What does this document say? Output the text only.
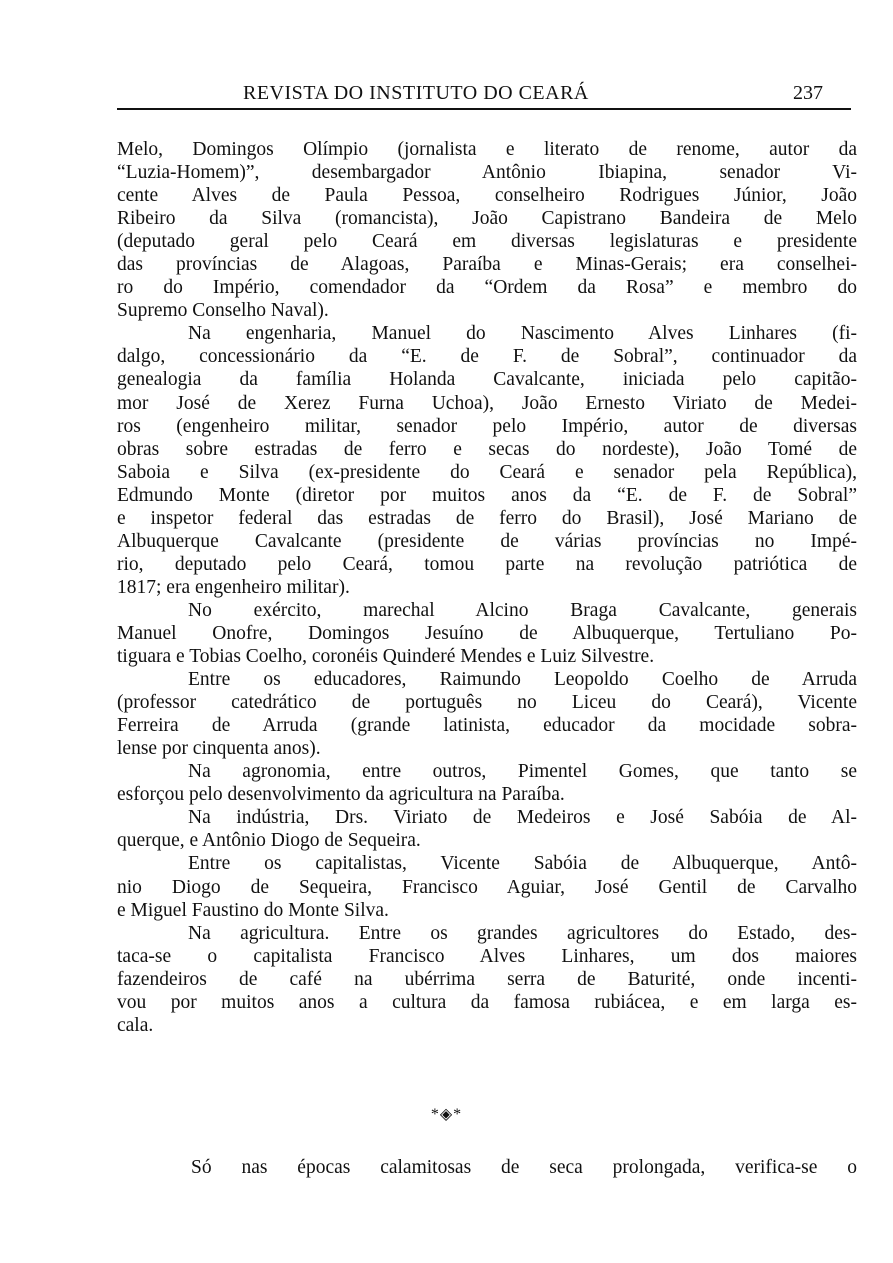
REVISTA DO INSTITUTO DO CEARÁ	237
Melo, Domingos Olímpio (jornalista e literato de renome, autor da
“Luzia-Homem)”, desembargador Antônio Ibiapina, senador Vi-
cente Alves de Paula Pessoa, conselheiro Rodrigues Júnior, João
Ribeiro da Silva (romancista), João Capistrano Bandeira de Melo
(deputado geral pelo Ceará em diversas legislaturas e presidente
das províncias de Alagoas, Paraíba e Minas-Gerais; era conselhei-
ro do Império, comendador da “Ordem da Rosa” e membro do
Supremo Conselho Naval).
Na engenharia, Manuel do Nascimento Alves Linhares (fi-
dalgo, concessionário da “E. de F. de Sobral”, continuador da
genealogia da família Holanda Cavalcante, iniciada pelo capitão-
mor José de Xerez Furna Uchoa), João Ernesto Viriato de Medei-
ros (engenheiro militar, senador pelo Império, autor de diversas
obras sobre estradas de ferro e secas do nordeste), João Tomé de
Saboia e Silva (ex-presidente do Ceará e senador pela República),
Edmundo Monte (diretor por muitos anos da “E. de F. de Sobral”
e inspetor federal das estradas de ferro do Brasil), José Mariano de
Albuquerque Cavalcante (presidente de várias províncias no Impé-
rio, deputado pelo Ceará, tomou parte na revolução patriótica de
1817; era engenheiro militar).
No exército, marechal Alcino Braga Cavalcante, generais
Manuel Onofre, Domingos Jesuíno de Albuquerque, Tertuliano Po-
tiguara e Tobias Coelho, coronéis Quinderé Mendes e Luiz Silvestre.
Entre os educadores, Raimundo Leopoldo Coelho de Arruda
(professor catedrático de português no Liceu do Ceará), Vicente
Ferreira de Arruda (grande latinista, educador da mocidade sobra-
lense por cinquenta anos).
Na agronomia, entre outros, Pimentel Gomes, que tanto se
esforçou pelo desenvolvimento da agricultura na Paraíba.
Na indústria, Drs. Viriato de Medeiros e José Sabóia de Al-
querque, e Antônio Diogo de Sequeira.
Entre os capitalistas, Vicente Sabóia de Albuquerque, Antô-
nio Diogo de Sequeira, Francisco Aguiar, José Gentil de Carvalho
e Miguel Faustino do Monte Silva.
Na agricultura. Entre os grandes agricultores do Estado, des-
taca-se o capitalista Francisco Alves Linhares, um dos maiores
fazendeiros de café na ubérrima serra de Baturité, onde incenti-
vou por muitos anos a cultura da famosa rubiácea, e em larga es-
cala.
*◈*
Só nas épocas calamitosas de seca prolongada, verifica-se o
